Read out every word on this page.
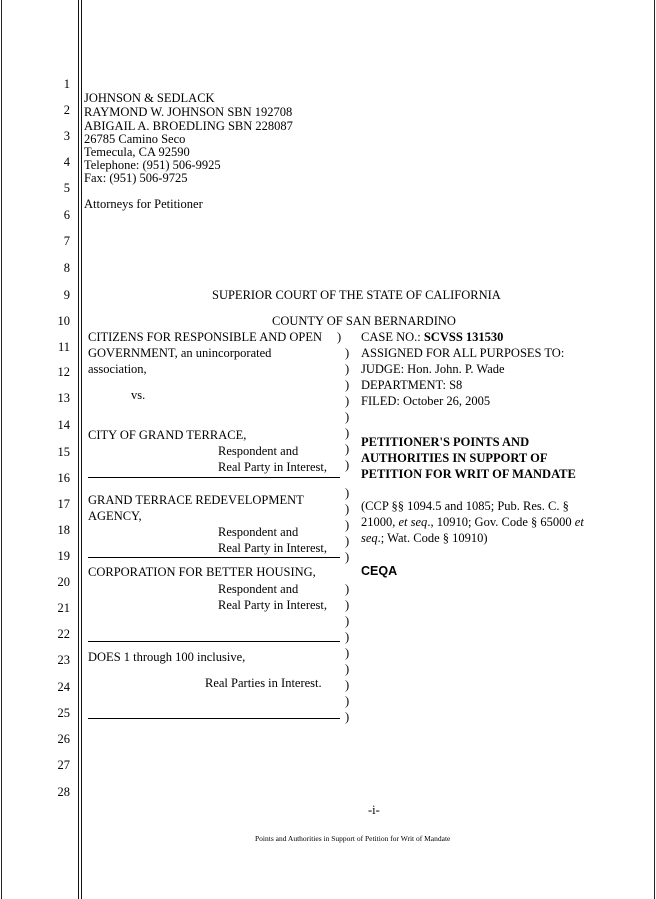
1
2
3
4
5
6
7
8
9
10
11
12
13
14
15
16
17
18
19
20
21
22
23
24
25
26
27
28
JOHNSON & SEDLACK
RAYMOND W. JOHNSON SBN 192708
ABIGAIL A. BROEDLING SBN 228087
26785 Camino Seco
Temecula, CA 92590
Telephone: (951) 506-9925
Fax: (951) 506-9725
Attorneys for Petitioner
SUPERIOR COURT OF THE STATE OF CALIFORNIA
COUNTY OF SAN BERNARDINO
CITIZENS FOR RESPONSIBLE AND OPEN
GOVERNMENT, an unincorporated
association,
vs.
CITY OF GRAND TERRACE,
Respondent and
Real Party in Interest,
GRAND TERRACE REDEVELOPMENT
AGENCY,
Respondent and
Real Party in Interest,
CORPORATION FOR BETTER HOUSING,
Respondent and
Real Party in Interest,
DOES 1 through 100 inclusive,
Real Parties in Interest.
)
)
)
)
)
)
)
)
)
)
)
)
)
)
)
)
)
)
)
)
)
)
) CASE NO.: SCVSS 131530
ASSIGNED FOR ALL PURPOSES TO:
JUDGE: Hon. John. P. Wade
DEPARTMENT: S8
FILED: October 26, 2005
PETITIONER'S POINTS AND
AUTHORITIES IN SUPPORT OF
PETITION FOR WRIT OF MANDATE
(CCP §§ 1094.5 and 1085; Pub. Res. C. §
21000, et seq., 10910; Gov. Code § 65000 et
seq.; Wat. Code § 10910)
CEQA
-i-
Points and Authorities in Support of Petition for Writ of Mandate
